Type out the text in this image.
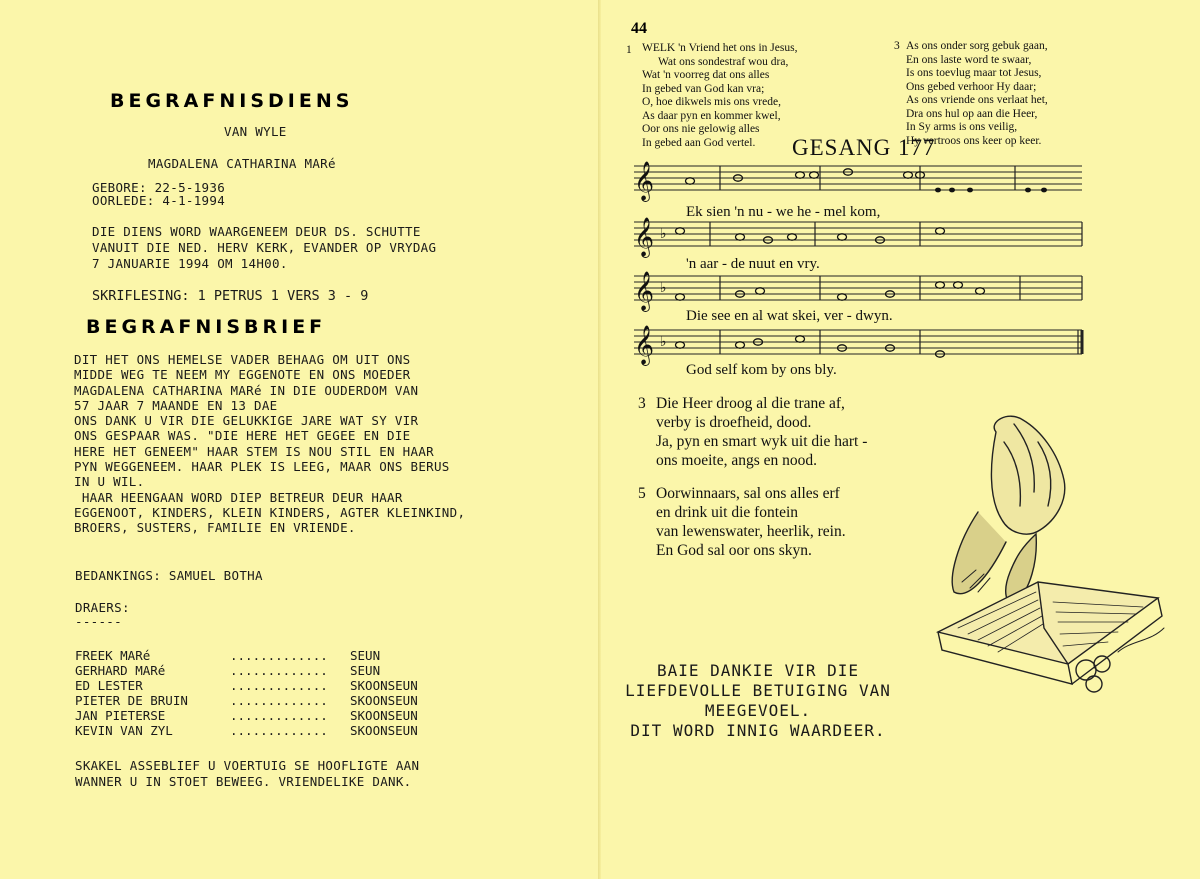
BEGRAFNISDIENS
VAN WYLE
MAGDALENA CATHARINA MARé
GEBORE: 22-5-1936
OORLEDE: 4-1-1994
DIE DIENS WORD WAARGENEEM DEUR DS. SCHUTTE
VANUIT DIE NED. HERV KERK, EVANDER OP VRYDAG
7 JANUARIE 1994 OM 14H00.
SKRIFLESING: 1 PETRUS 1 VERS 3 - 9
BEGRAFNISBRIEF
DIT HET ONS HEMELSE VADER BEHAAG OM UIT ONS
MIDDE WEG TE NEEM MY EGGENOTE EN ONS MOEDER
MAGDALENA CATHARINA MARé IN DIE OUDERDOM VAN
57 JAAR 7 MAANDE EN 13 DAE
ONS DANK U VIR DIE GELUKKIGE JARE WAT SY VIR
ONS GESPAAR WAS. "DIE HERE HET GEGEE EN DIE
HERE HET GENEEM" HAAR STEM IS NOU STIL EN HAAR
PYN WEGGENEEM. HAAR PLEK IS LEEG, MAAR ONS BERUS
IN U WIL.
HAAR HEENGAAN WORD DIEP BETREUR DEUR HAAR
EGGENOOT, KINDERS, KLEIN KINDERS, AGTER KLEINKIND,
BROERS, SUSTERS, FAMILIE EN VRIENDE.
BEDANKINGS: SAMUEL BOTHA
DRAERS:
------
FREEK MARé	............. SEUN
GERHARD MARé	............. SEUN
ED LESTER	............. SKOONSEUN
PIETER DE BRUIN	............. SKOONSEUN
JAN PIETERSE	............. SKOONSEUN
KEVIN VAN ZYL	............. SKOONSEUN
SKAKEL ASSEBLIEF U VOERTUIG SE HOOFLIGTE AAN
WANNER U IN STOET BEWEEG. VRIENDELIKE DANK.
44
1 WELK 'n Vriend het ons in Jesus,
Wat ons sondestraf wou dra,
Wat 'n voorreg dat ons alles
In gebed van God kan vra;
O, hoe dikwels mis ons vrede,
As daar pyn en kommer kwel,
Oor ons nie gelowig alles
In gebed aan God vertel.
3 As ons onder sorg gebuk gaan,
En ons laste word te swaar,
Is ons toevlug maar tot Jesus,
Ons gebed verhoor Hy daar;
As ons vriende ons verlaat het,
Dra ons hul op aan die Heer,
In Sy arms is ons veilig,
Hy vertroos ons keer op keer.
GESANG 177
𝄞
𝄞
𝄞
𝄞
♭
♭
♭
Ek sien 'n nu - we he - mel kom,
'n aar - de nuut en vry.
Die see en al wat skei, ver - dwyn.
God self kom by ons bly.
3 Die Heer droog al die trane af,
verby is droefheid, dood.
Ja, pyn en smart wyk uit die hart -
ons moeite, angs en nood.
5 Oorwinnaars, sal ons alles erf
en drink uit die fontein
van lewenswater, heerlik, rein.
En God sal oor ons skyn.
BAIE DANKIE VIR DIE
LIEFDEVOLLE BETUIGING VAN
MEEGEVOEL.
DIT WORD INNIG WAARDEER.
